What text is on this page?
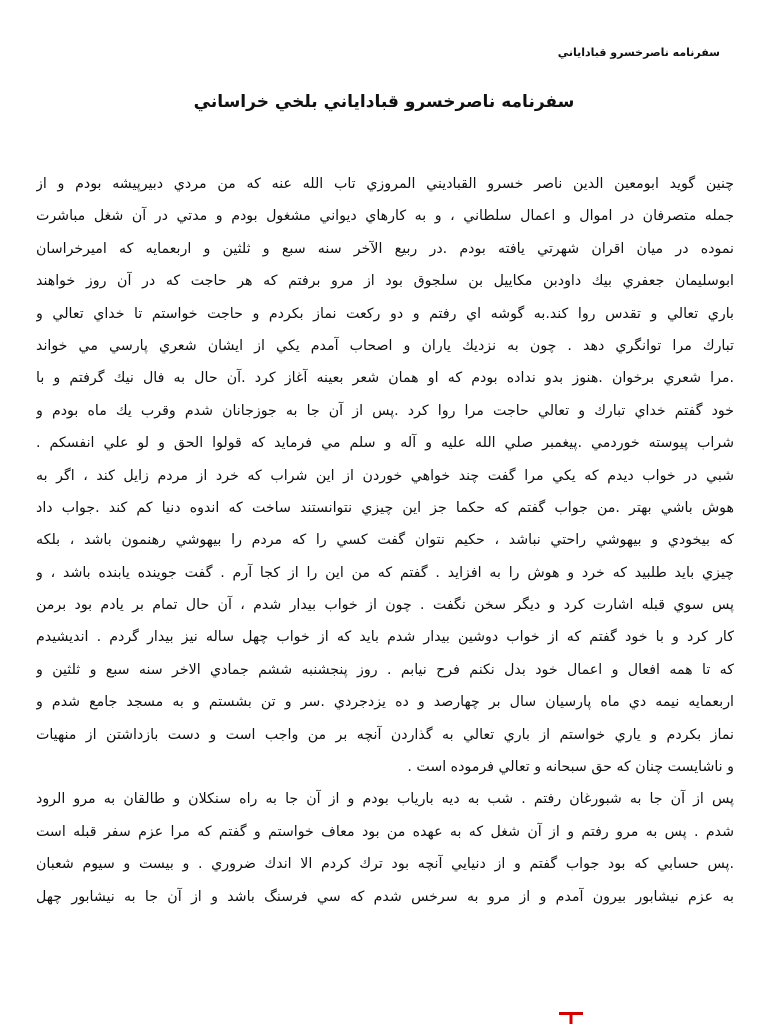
سفرنامه ناصرخسرو قباداياني
سفرنامه ناصرخسرو قباداياني بلخي خراساني
چنين گويد ابومعين الدين ناصر خسرو القباديني المروزي تاب الله عنه كه من مردي دبيرپيشه بودم و از
جمله متصرفان در اموال و اعمال سلطاني ، و به كارهاي ديواني مشغول بودم و مدتي در آن شغل مباشرت
نموده در ميان اقران شهرتي يافته بودم .در ربيع الآخر سنه سبع و ثلثين و اربعمايه كه اميرخراسان
ابوسليمان جعفري بيك داودبن مكاييل بن سلجوق بود از مرو برفتم كه هر حاجت كه در آن روز خواهند
باري تعالي و تقدس روا كند.به گوشه اي رفتم و دو ركعت نماز بكردم و حاجت خواستم تا خداي تعالي و
تبارك مرا توانگري دهد . چون به نزديك ياران و اصحاب آمدم يكي از ايشان شعري پارسي مي خواند
.مرا شعري برخوان .هنوز بدو نداده بودم كه او همان شعر بعينه آغاز كرد .آن حال به فال نيك گرفتم و با
خود گفتم خداي تبارك و تعالي حاجت مرا روا كرد .پس از آن جا به جوزجانان شدم وقرب يك ماه بودم و
شراب پيوسته خوردمي .پيغمبر صلي الله عليه و آله و سلم مي فرمايد كه قولوا الحق و لو علي انفسكم .
شبي در خواب ديدم كه يكي مرا گفت چند خواهي خوردن از اين شراب كه خرد از مردم زايل كند ، اگر به
هوش باشي بهتر .من جواب گفتم كه حكما جز اين چيزي نتوانستند ساخت كه اندوه دنيا كم كند .جواب داد
كه بيخودي و بيهوشي راحتي نباشد ، حكيم نتوان گفت كسي را كه مردم را بيهوشي رهنمون باشد ، بلكه
چيزي بايد طلبيد كه خرد و هوش را به افزايد . گفتم كه من اين را از كجا آرم . گفت جوينده يابنده باشد ، و
پس سوي قبله اشارت كرد و ديگر سخن نگفت . چون از خواب بيدار شدم ، آن حال تمام بر يادم بود برمن
كار كرد و با خود گفتم كه از خواب دوشين بيدار شدم بايد كه از خواب چهل ساله نيز بيدار گردم . انديشيدم
كه تا همه افعال و اعمال خود بدل نكنم فرح نيابم . روز پنجشنبه ششم جمادي الاخر سنه سبع و ثلثين و
اربعمايه نيمه دي ماه پارسيان سال بر چهارصد و ده يزدجردي .سر و تن بشستم و به مسجد جامع شدم و
نماز بكردم و ياري خواستم از باري تعالي به گذاردن آنچه بر من واجب است و دست بازداشتن از منهيات
و ناشايست چنان كه حق سبحانه و تعالي فرموده است .
پس از آن جا به شبورغان رفتم . شب به ديه بارياب بودم و از آن جا به راه سنكلان و طالقان به مرو الرود
شدم . پس به مرو رفتم و از آن شغل كه به عهده من بود معاف خواستم و گفتم كه مرا عزم سفر قبله است
.پس حسابي كه بود جواب گفتم و از دنيايي آنچه بود ترك كردم الا اندك ضروري . و بيست و سيوم شعبان
به عزم نيشابور بيرون آمدم و از مرو به سرخس شدم كه سي فرسنگ باشد و از آن جا به نيشابور چهل
